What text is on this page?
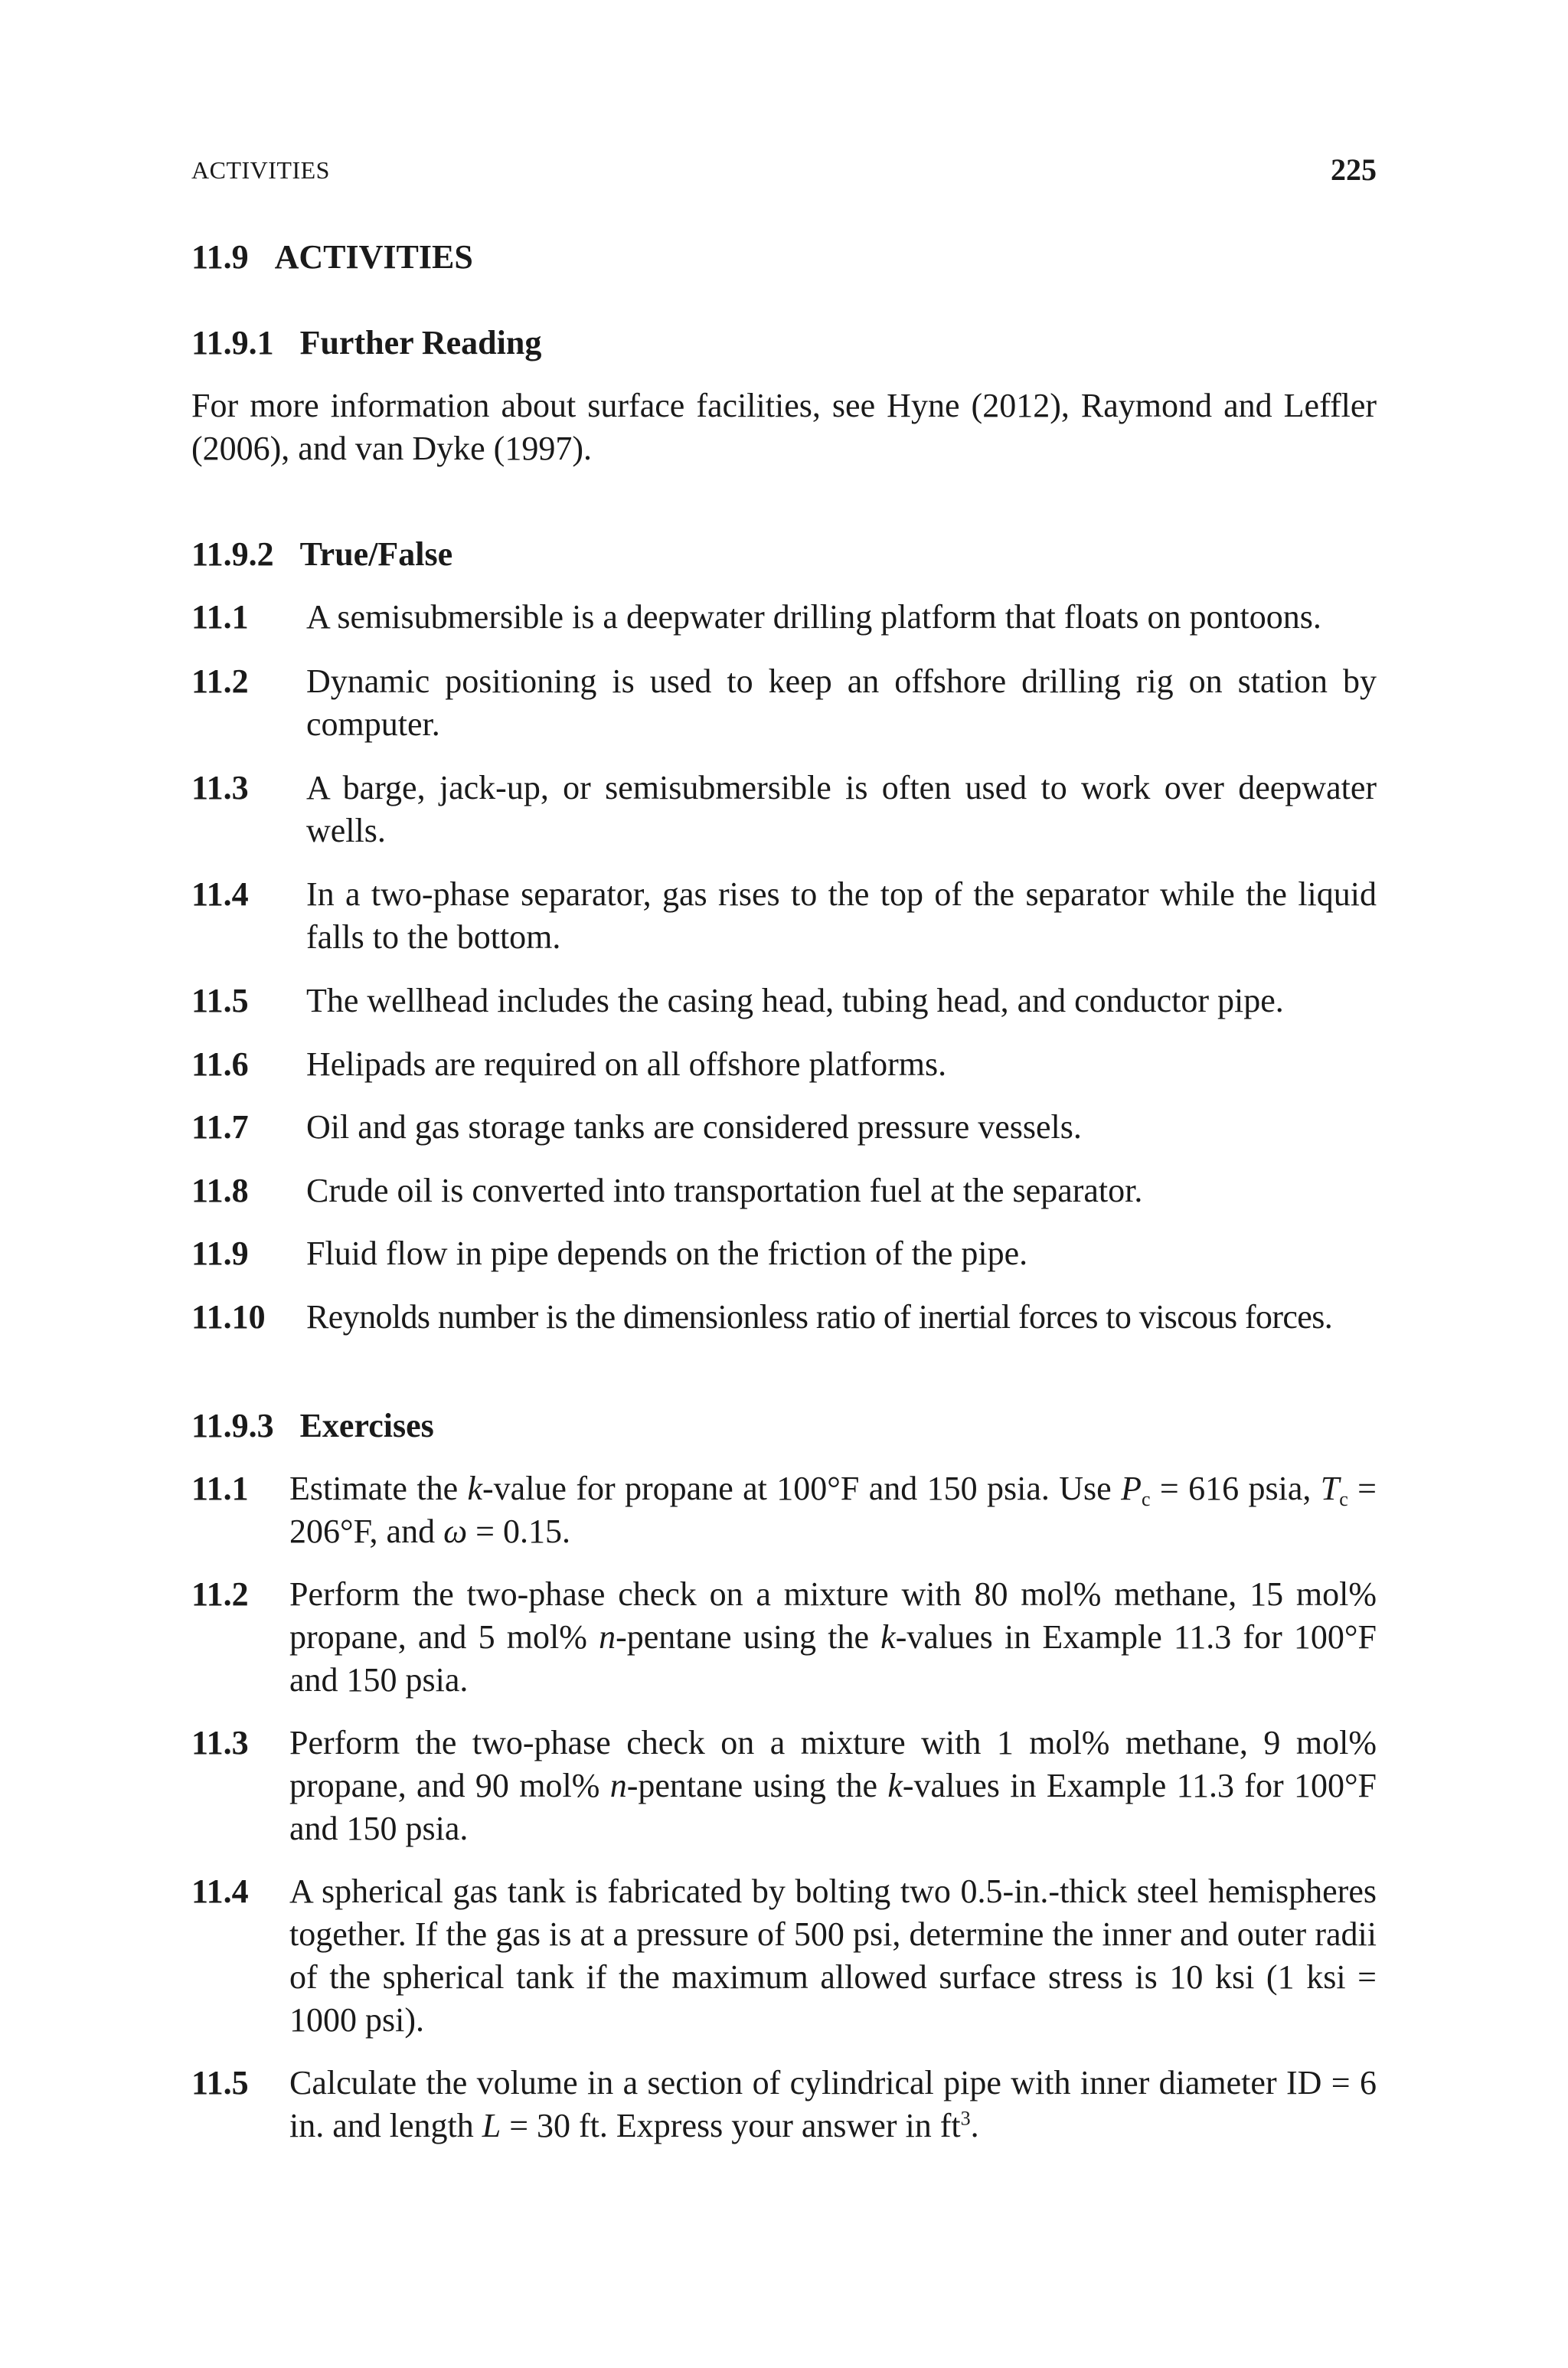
ACTIVITIES	225
11.9 ACTIVITIES
11.9.1 Further Reading

For more information about surface facilities, see Hyne (2012), Raymond and Leffler (2006), and van Dyke (1997).

11.9.2 True/False
11.1 A semisubmersible is a deepwater drilling platform that floats on pontoons.
11.2 Dynamic positioning is used to keep an offshore drilling rig on station by computer.
11.3 A barge, jack-up, or semisubmersible is often used to work over deepwater wells.
11.4 In a two-phase separator, gas rises to the top of the separator while the liquid falls to the bottom.
11.5 The wellhead includes the casing head, tubing head, and conductor pipe.
11.6 Helipads are required on all offshore platforms.
11.7 Oil and gas storage tanks are considered pressure vessels.
11.8 Crude oil is converted into transportation fuel at the separator.
11.9 Fluid flow in pipe depends on the friction of the pipe.
11.10 Reynolds number is the dimensionless ratio of inertial forces to viscous forces.
11.9.3 Exercises
11.1 Estimate the k-value for propane at 100°F and 150 psia. Use $P_c = 616$ psia, $T_c = 206^\circ F$, and ω = 0.15.
11.2 Perform the two-phase check on a mixture with 80 mol% methane, 15 mol% propane, and 5 mol% n-pentane using the k-values in Example 11.3 for 100°F and 150 psia.
11.3 Perform the two-phase check on a mixture with 1 mol% methane, 9 mol% propane, and 90 mol% n-pentane using the k-values in Example 11.3 for 100°F and 150 psia.
11.4 A spherical gas tank is fabricated by bolting two 0.5-in.-thick steel hemispheres together. If the gas is at a pressure of 500 psi, determine the inner and outer radii of the spherical tank if the maximum allowed surface stress is 10 ksi (1 ksi = 1000 psi).
11.5 Calculate the volume in a section of cylindrical pipe with inner diameter ID = 6 in. and length L = 30 ft. Express your answer in $ft^3$.
